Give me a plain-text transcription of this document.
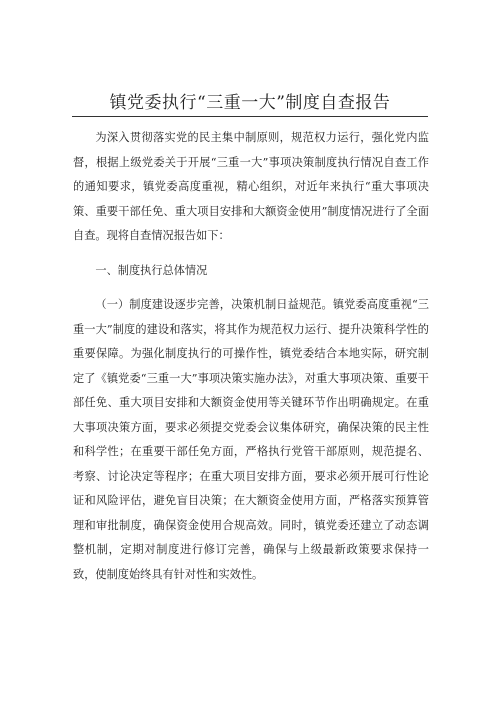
镇党委执行“三重一大”制度自查报告

为深入贯彻落实党的民主集中制原则，规范权力运行，强化党内监督，根据上级党委关于开展“三重一大”事项决策制度执行情况自查工作的通知要求，镇党委高度重视，精心组织，对近年来执行“重大事项决策、重要干部任免、重大项目安排和大额资金使用”制度情况进行了全面自查。现将自查情况报告如下：

一、制度执行总体情况

（一）制度建设逐步完善，决策机制日益规范。镇党委高度重视“三重一大”制度的建设和落实，将其作为规范权力运行、提升决策科学性的重要保障。为强化制度执行的可操作性，镇党委结合本地实际，研究制定了《镇党委“三重一大”事项决策实施办法》，对重大事项决策、重要干部任免、重大项目安排和大额资金使用等关键环节作出明确规定。在重大事项决策方面，要求必须提交党委会议集体研究，确保决策的民主性和科学性；在重要干部任免方面，严格执行党管干部原则，规范提名、考察、讨论决定等程序；在重大项目安排方面，要求必须开展可行性论证和风险评估，避免盲目决策；在大额资金使用方面，严格落实预算管理和审批制度，确保资金使用合规高效。同时，镇党委还建立了动态调整机制，定期对制度进行修订完善，确保与上级最新政策要求保持一致，使制度始终具有针对性和实效性。
